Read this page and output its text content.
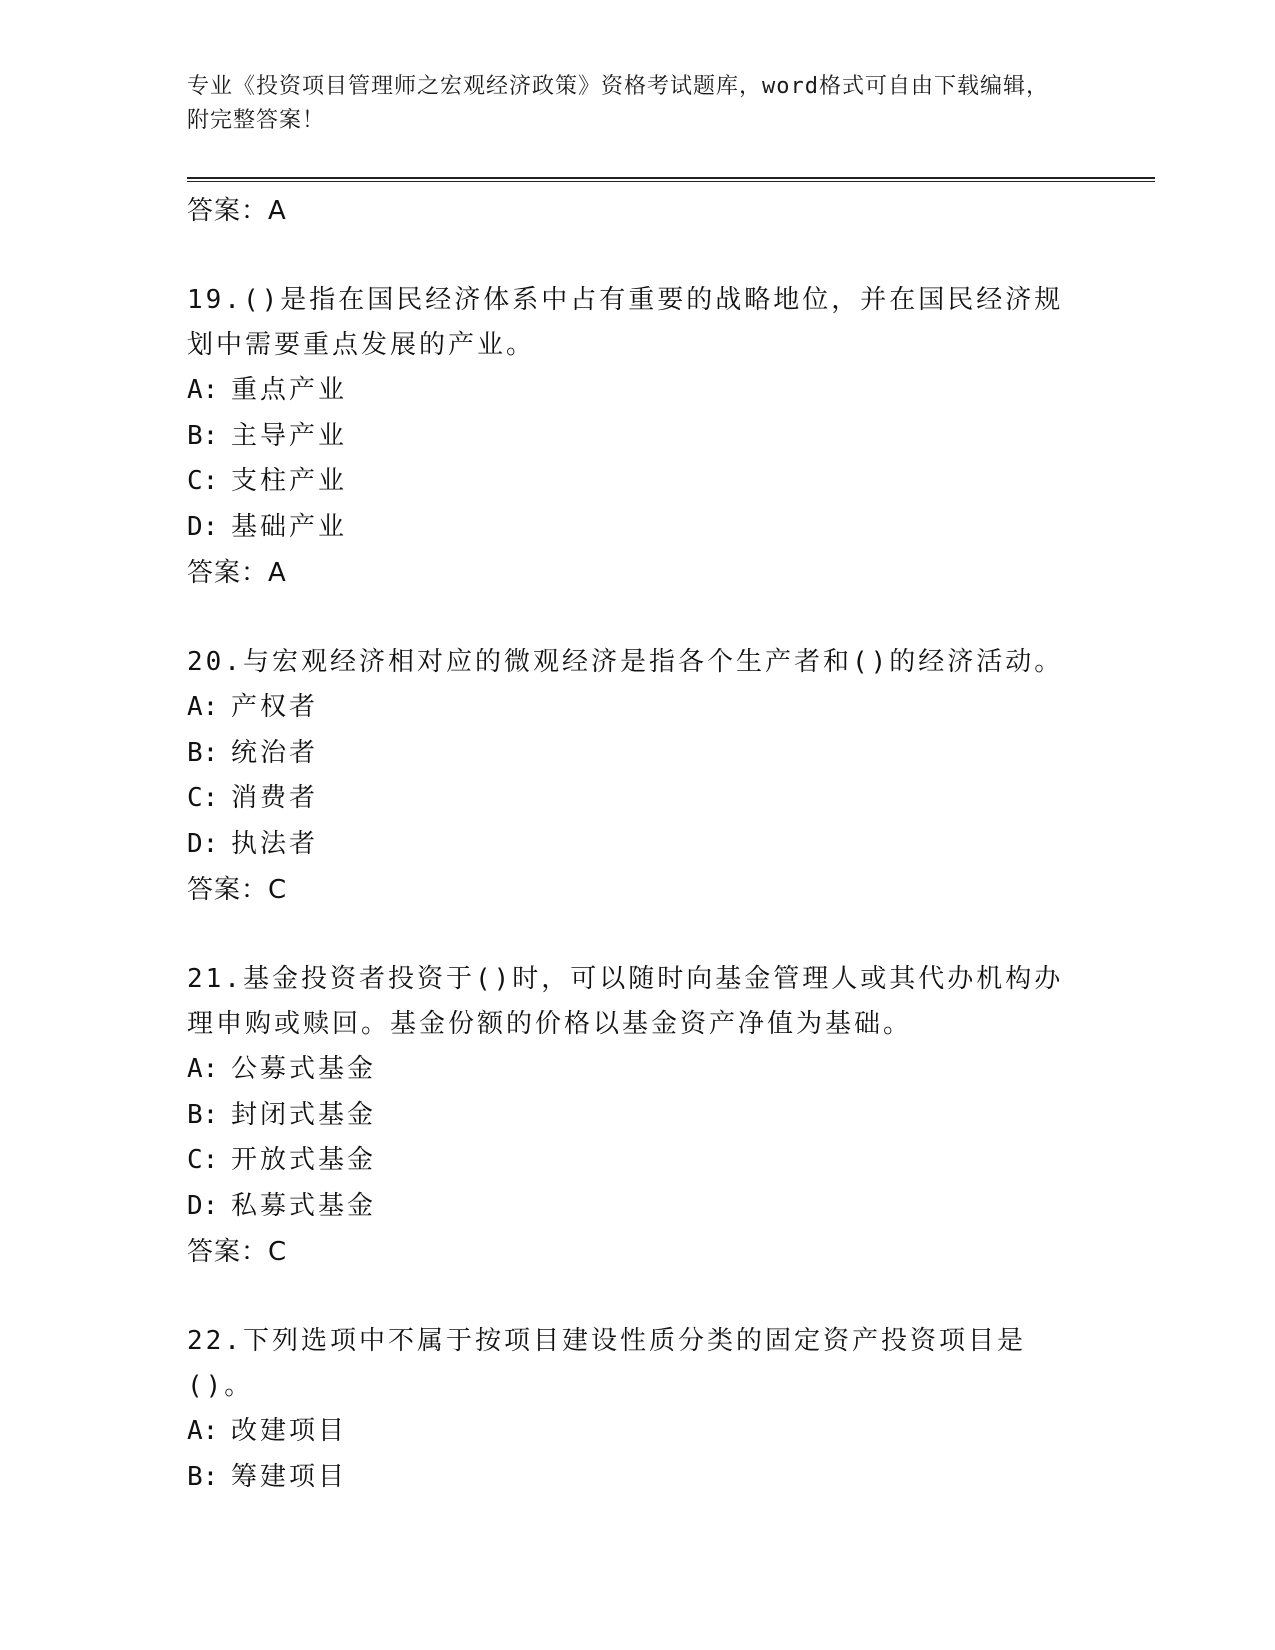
专业《投资项目管理师之宏观经济政策》资格考试题库，word格式可自由下载编辑，附完整答案！
答案：A
19.()是指在国民经济体系中占有重要的战略地位，并在国民经济规划中需要重点发展的产业。
A: 重点产业
B: 主导产业
C: 支柱产业
D: 基础产业
答案：A
20.与宏观经济相对应的微观经济是指各个生产者和()的经济活动。
A: 产权者
B: 统治者
C: 消费者
D: 执法者
答案：C
21.基金投资者投资于()时，可以随时向基金管理人或其代办机构办理申购或赎回。基金份额的价格以基金资产净值为基础。
A: 公募式基金
B: 封闭式基金
C: 开放式基金
D: 私募式基金
答案：C
22.下列选项中不属于按项目建设性质分类的固定资产投资项目是()。
A: 改建项目
B: 筹建项目
